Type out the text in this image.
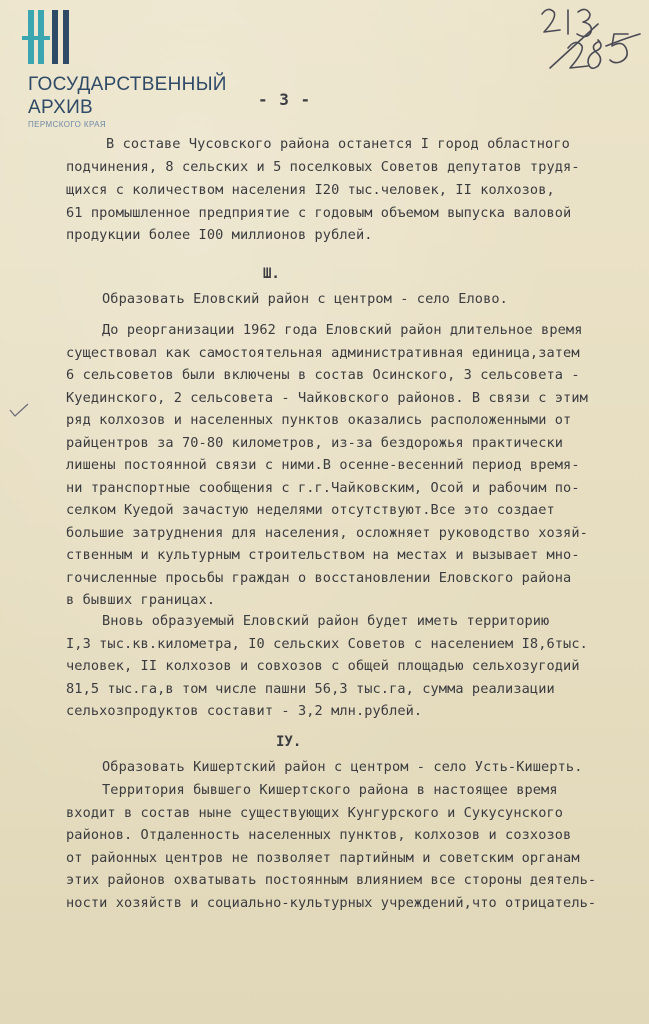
ГОСУДАРСТВЕННЫЙ
АРХИВ
ПЕРМСКОГО КРАЯ
- 3 -
В составе Чусовского района останется I город областного
подчинения, 8 сельских и 5 поселковых Советов депутатов трудя-
щихся с количеством населения I20 тыс.человек, II колхозов,
61 промышленное предприятие с годовым объемом выпуска валовой
продукции более I00 миллионов рублей.
Ш.
Образовать Еловский район с центром - село Елово.
До реорганизации 1962 года Еловский район длительное время
существовал как самостоятельная административная единица,затем
6 сельсоветов были включены в состав Осинского, 3 сельсовета -
Куединского, 2 сельсовета - Чайковского районов. В связи с этим
ряд колхозов и населенных пунктов оказались расположенными от
райцентров за 70-80 километров, из-за бездорожья практически
лишены постоянной связи с ними.В осенне-весенний период время-
ни транспортные сообщения с г.г.Чайковским, Осой и рабочим по-
селком Куедой зачастую неделями отсутствуют.Все это создает
большие затруднения для населения, осложняет руководство хозяй-
ственным и культурным строительством на местах и вызывает мно-
гочисленные просьбы граждан о восстановлении Еловского района
в бывших границах.
Вновь образуемый Еловский район будет иметь территорию
I,3 тыс.кв.километра, I0 сельских Советов с населением I8,6тыс.
человек, II колхозов и совхозов с общей площадью сельхозугодий
81,5 тыс.га,в том числе пашни 56,3 тыс.га, сумма реализации
сельхозпродуктов составит - 3,2 млн.рублей.
IУ.
Образовать Кишертский район с центром - село Усть-Кишерть.
Территория бывшего Кишертского района в настоящее время
входит в состав ныне существующих Кунгурского и Сукусунского
районов. Отдаленность населенных пунктов, колхозов и созхозов
от районных центров не позволяет партийным и советским органам
этих районов охватывать постоянным влиянием все стороны деятель-
ности хозяйств и социально-культурных учреждений,что отрицатель-
